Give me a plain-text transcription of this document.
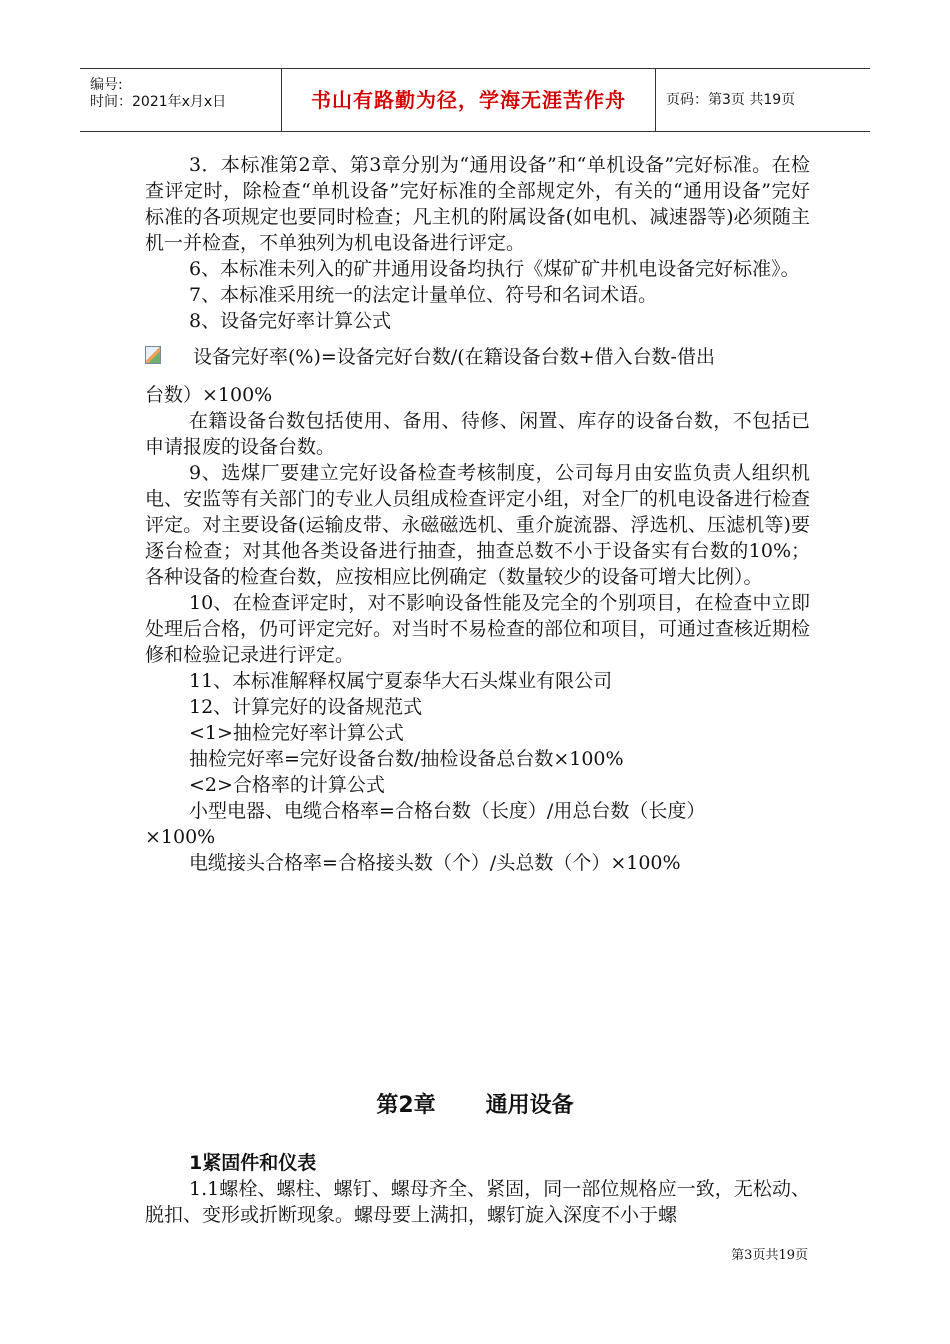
编号:
时间：2021年x月x日	书山有路勤为径，学海无涯苦作舟	页码：第3页 共19页

3．本标准第2章、第3章分别为“通用设备”和“单机设备”完好标准。在检查评定时，除检查“单机设备”完好标准的全部规定外，有关的“通用设备”完好标准的各项规定也要同时检查；凡主机的附属设备(如电机、减速器等)必须随主机一并检查，不单独列为机电设备进行评定。

6、本标准未列入的矿井通用设备均执行《煤矿矿井机电设备完好标准》。

7、本标准采用统一的法定计量单位、符号和名词术语。

8、设备完好率计算公式

设备完好率(%)=设备完好台数/(在籍设备台数+借入台数-借出
台数）×100%

在籍设备台数包括使用、备用、待修、闲置、库存的设备台数，不包括已申请报废的设备台数。

9、选煤厂要建立完好设备检查考核制度，公司每月由安监负责人组织机电、安监等有关部门的专业人员组成检查评定小组，对全厂的机电设备进行检查评定。对主要设备(运输皮带、永磁磁选机、重介旋流器、浮选机、压滤机等)要逐台检查；对其他各类设备进行抽查，抽查总数不小于设备实有台数的10%；各种设备的检查台数，应按相应比例确定（数量较少的设备可增大比例）。

10、在检查评定时，对不影响设备性能及完全的个别项目，在检查中立即处理后合格，仍可评定完好。对当时不易检查的部位和项目，可通过查核近期检修和检验记录进行评定。

11、本标准解释权属宁夏泰华大石头煤业有限公司

12、计算完好的设备规范式

<1>抽检完好率计算公式

抽检完好率=完好设备台数/抽检设备总台数×100%

<2>合格率的计算公式

小型电器、电缆合格率=合格台数（长度）/用总台数（长度）

×100%

电缆接头合格率=合格接头数（个）/头总数（个）×100%

第2章 通用设备
1紧固件和仪表

1.1螺栓、螺柱、螺钉、螺母齐全、紧固，同一部位规格应一致，无松动、脱扣、变形或折断现象。螺母要上满扣，螺钉旋入深度不小于螺

第3页共19页
